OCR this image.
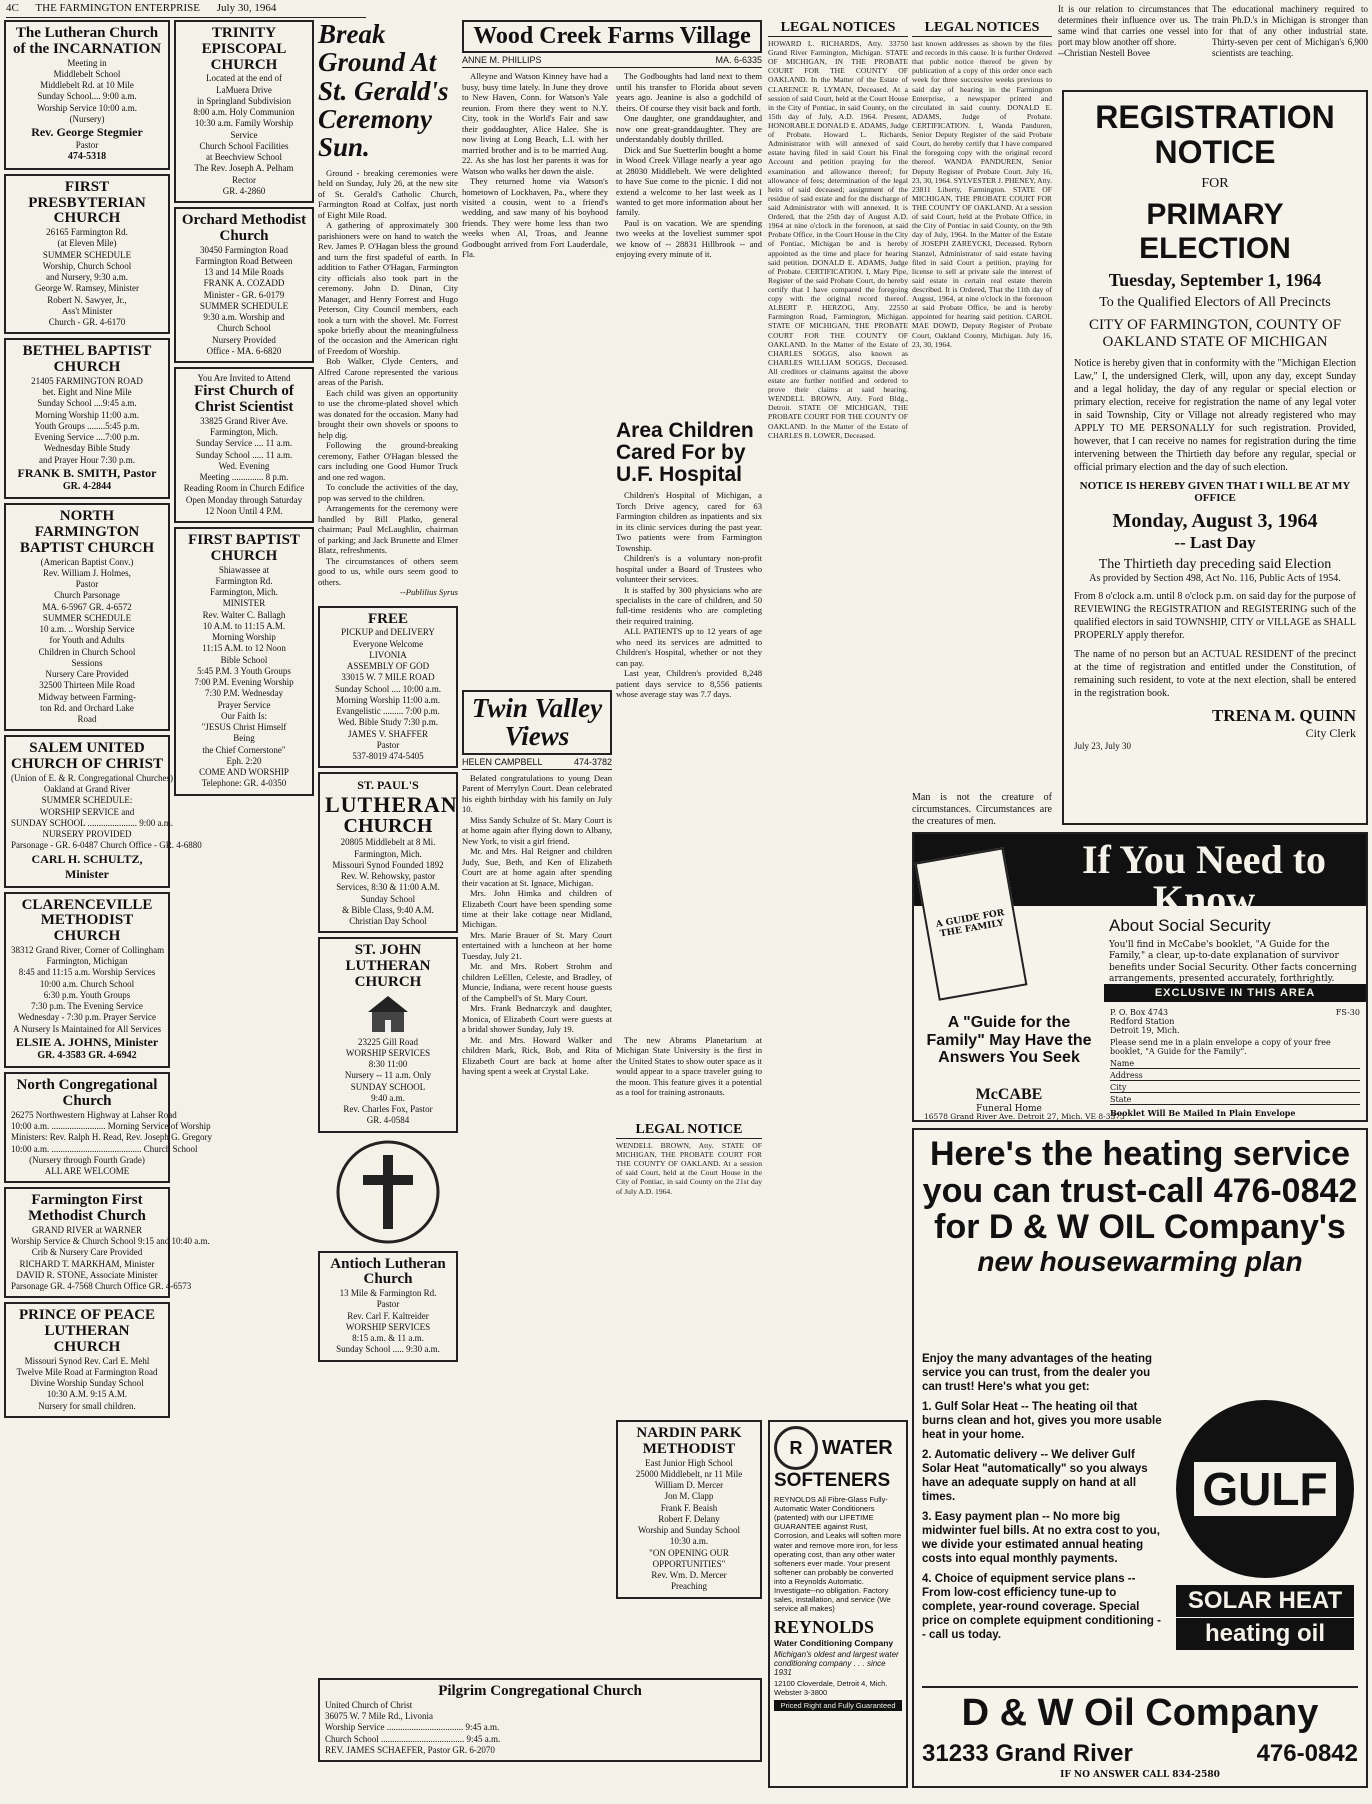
4C THE FARMINGTON ENTERPRISE July 30, 1964
The Lutheran Church of the INCARNATION
Meeting in
Middlebelt School
Middlebelt Rd. at 10 Mile
Sunday School.... 9:00 a.m.
Worship Service 10:00 a.m.
(Nursery)
Rev. George Stegmier
Pastor
474-5318
FIRST PRESBYTERIAN CHURCH
26165 Farmington Rd.
(at Eleven Mile)
SUMMER SCHEDULE
Worship, Church School
and Nursery, 9:30 a.m.
George W. Ramsey, Minister
Robert N. Sawyer, Jr.,
Ass't Minister
Church - GR. 4-6170
BETHEL BAPTIST CHURCH
21405 FARMINGTON ROAD
bet. Eight and Nine Mile
Sunday School ....9:45 a.m.
Morning Worship 11:00 a.m.
Youth Groups ........5:45 p.m.
Evening Service ....7:00 p.m.
Wednesday Bible Study
and Prayer Hour 7:30 p.m.
FRANK B. SMITH, Pastor
GR. 4-2844
NORTH FARMINGTON BAPTIST CHURCH
(American Baptist Conv.)
Rev. William J. Holmes,
Pastor
Church Parsonage
MA. 6-5967 GR. 4-6572
SUMMER SCHEDULE
10 a.m. .. Worship Service
for Youth and Adults
Children in Church School
Sessions
Nursery Care Provided
32500 Thirteen Mile Road
Midway between Farming-
ton Rd. and Orchard Lake
Road
SALEM UNITED CHURCH OF CHRIST
(Union of E. & R. Congregational Churches)
Oakland at Grand River
SUMMER SCHEDULE:
WORSHIP SERVICE and
SUNDAY SCHOOL ...................... 9:00 a.m.
NURSERY PROVIDED
Parsonage - GR. 6-0487 Church Office - GR. 4-6880
CARL H. SCHULTZ, Minister
CLARENCEVILLE METHODIST CHURCH
38312 Grand River, Corner of Collingham
Farmington, Michigan
8:45 and 11:15 a.m. Worship Services
10:00 a.m. Church School
6:30 p.m. Youth Groups
7:30 p.m. The Evening Service
Wednesday - 7:30 p.m. Prayer Service
A Nursery Is Maintained for All Services
ELSIE A. JOHNS, Minister
GR. 4-3583 GR. 4-6942
North Congregational Church
26275 Northwestern Highway at Lahser Road
10:00 a.m. ........................ Morning Service of Worship
Ministers: Rev. Ralph H. Read, Rev. Joseph G. Gregory
10:00 a.m. ........................................ Church School
(Nursery through Fourth Grade)
ALL ARE WELCOME
Farmington First Methodist Church
GRAND RIVER at WARNER
Worship Service & Church School 9:15 and 10:40 a.m.
Crib & Nursery Care Provided
RICHARD T. MARKHAM, Minister
DAVID R. STONE, Associate Minister
Parsonage GR. 4-7568 Church Office GR. 4-6573
PRINCE OF PEACE LUTHERAN CHURCH
Missouri Synod Rev. Carl E. Mehl
Twelve Mile Road at Farmington Road
Divine Worship Sunday School
10:30 A.M. 9:15 A.M.
Nursery for small children.
TRINITY EPISCOPAL CHURCH
Located at the end of
LaMuera Drive
in Springland Subdivision
8:00 a.m. Holy Communion
10:30 a.m. Family Worship
Service
Church School Facilities
at Beechview School
The Rev. Joseph A. Pelham
Rector
GR. 4-2860
Orchard Methodist Church
30450 Farmington Road
Farmington Road Between
13 and 14 Mile Roads
FRANK A. COZADD
Minister - GR. 6-0179
SUMMER SCHEDULE
9:30 a.m. Worship and
Church School
Nursery Provided
Office - MA. 6-6820
You Are Invited to Attend
First Church of Christ Scientist
33825 Grand River Ave.
Farmington, Mich.
Sunday Service .... 11 a.m.
Sunday School ..... 11 a.m.
Wed. Evening
Meeting .............. 8 p.m.
Reading Room in Church Edifice
Open Monday through Saturday
12 Noon Until 4 P.M.
FIRST BAPTIST CHURCH
Shiawassee at
Farmington Rd.
Farmington, Mich.
MINISTER
Rev. Walter C. Ballagh
10 A.M. to 11:15 A.M.
Morning Worship
11:15 A.M. to 12 Noon
Bible School
5:45 P.M. 3 Youth Groups
7:00 P.M. Evening Worship
7:30 P.M. Wednesday
Prayer Service
Our Faith Is:
"JESUS Christ Himself
Being
the Chief Cornerstone"
Eph. 2:20
COME AND WORSHIP
Telephone: GR. 4-0350
Break Ground At St. Gerald's Ceremony Sun.

Ground - breaking ceremonies were held on Sunday, July 26, at the new site of St. Gerald's Catholic Church, Farmington Road at Colfax, just north of Eight Mile Road.

A gathering of approximately 300 parishioners were on hand to watch the Rev. James P. O'Hagan bless the ground and turn the first spadeful of earth. In addition to Father O'Hagan, Farmington city officials also took part in the ceremony. John D. Dinan, City Manager, and Henry Forrest and Hugo Peterson, City Council members, each took a turn with the shovel. Mr. Forrest spoke briefly about the meaningfulness of the occasion and the American right of Freedom of Worship.

Bob Walker, Clyde Centers, and Alfred Carone represented the various areas of the Parish.

Each child was given an opportunity to use the chrome-plated shovel which was donated for the occasion. Many had brought their own shovels or spoons to help dig.

Following the ground-breaking ceremony, Father O'Hagan blessed the cars including one Good Humor Truck and one red wagon.

To conclude the activities of the day, pop was served to the children.

Arrangements for the ceremony were handled by Bill Platko, general chairman; Paul McLaughlin, chairman of parking; and Jack Brunette and Elmer Blatz, refreshments.

The circumstances of others seem good to us, while ours seem good to others.

--Publilius Syrus
FREE
PICKUP and DELIVERY
Everyone Welcome
LIVONIA
ASSEMBLY OF GOD
33015 W. 7 MILE ROAD
Sunday School .... 10:00 a.m.
Morning Worship 11:00 a.m.
Evangelistic ......... 7:00 p.m.
Wed. Bible Study 7:30 p.m.
JAMES V. SHAFFER
Pastor
537-8019 474-5405
ST. PAUL'S
LUTHERAN
CHURCH
20805 Middlebelt at 8 Mi.
Farmington, Mich.
Missouri Synod Founded 1892
Rev. W. Rehowsky, pastor
Services, 8:30 & 11:00 A.M.
Sunday School
& Bible Class, 9:40 A.M.
Christian Day School
ST. JOHN LUTHERAN CHURCH
23225 Gill Road
WORSHIP SERVICES
8:30 11:00
Nursery -- 11 a.m. Only
SUNDAY SCHOOL
9:40 a.m.
Rev. Charles Fox, Pastor
GR. 4-0584
Antioch Lutheran Church
13 Mile & Farmington Rd.
Pastor
Rev. Carl F. Kaltreider
WORSHIP SERVICES
8:15 a.m. & 11 a.m.
Sunday School ..... 9:30 a.m.
Wood Creek Farms Village
ANNE M. PHILLIPS	MA. 6-6335

Alleyne and Watson Kinney have had a busy, busy time lately. In June they drove to New Haven, Conn. for Watson's Yale reunion. From there they went to N.Y. City, took in the World's Fair and saw their goddaughter, Alice Halee. She is now living at Long Beach, L.I. with her married brother and is to be married Aug. 22. As she has lost her parents it was for Watson who walks her down the aisle.

They returned home via Watson's hometown of Lockhaven, Pa., where they visited a cousin, went to a friend's wedding, and saw many of his boyhood friends. They were home less than two weeks when Al, Troas, and Jeanne Godbought arrived from Fort Lauderdale, Fla.

The Godboughts had land next to them until his transfer to Florida about seven years ago. Jeanine is also a godchild of theirs. Of course they visit back and forth.

One daughter, one granddaughter, and now one great-granddaughter. They are understandably doubly thrilled.

Dick and Sue Suetterlin bought a home in Wood Creek Village nearly a year ago at 28030 Middlebelt. We were delighted to have Sue come to the picnic. I did not extend a welcome to her last week as I wanted to get more information about her family.

Paul is on vacation. We are spending two weeks at the loveliest summer spot we know of -- 28831 Hillbrook -- and enjoying every minute of it.

Twin Valley Views
HELEN CAMPBELL	474-3782

Belated congratulations to young Dean Parent of Merrylyn Court. Dean celebrated his eighth birthday with his family on July 10.

Miss Sandy Schulze of St. Mary Court is at home again after flying down to Albany, New York, to visit a girl friend.

Mr. and Mrs. Hal Reigner and children Judy, Sue, Beth, and Ken of Elizabeth Court are at home again after spending their vacation at St. Ignace, Michigan.

Mrs. John Himka and children of Elizabeth Court have been spending some time at their lake cottage near Midland, Michigan.

Mrs. Marie Brauer of St. Mary Court entertained with a luncheon at her home Tuesday, July 21.

Mr. and Mrs. Robert Strohm and children LeEllen, Celeste, and Bradley, of Muncie, Indiana, were recent house guests of the Campbell's of St. Mary Court.

Mrs. Frank Bednarczyk and daughter, Monica, of Elizabeth Court were guests at a bridal shower Sunday, July 19.

Mr. and Mrs. Howard Walker and children Mark, Rick, Bob, and Rita of Elizabeth Court are back at home after having spent a week at Crystal Lake.

Area Children Cared For by U.F. Hospital

Children's Hospital of Michigan, a Torch Drive agency, cared for 63 Farmington children as inpatients and six in its clinic services during the past year. Two patients were from Farmington Township.

Children's is a voluntary non-profit hospital under a Board of Trustees who volunteer their services.

It is staffed by 300 physicians who are specialists in the care of children, and 50 full-time residents who are completing their required training.

ALL PATIENTS up to 12 years of age who need its services are admitted to Children's Hospital, whether or not they can pay.

Last year, Children's provided 8,248 patient days service to 8,556 patients whose average stay was 7.7 days.

The new Abrams Planetarium at Michigan State University is the first in the United States to show outer space as it would appear to a space traveler going to the moon. This feature gives it a potential as a tool for training astronauts.

LEGAL NOTICE
WENDELL BROWN, Atty. STATE OF MICHIGAN, THE PROBATE COURT FOR THE COUNTY OF OAKLAND. At a session of said Court, held at the Court House in the City of Pontiac, in said County on the 21st day of July A.D. 1964.
NARDIN PARK METHODIST
East Junior High School
25000 Middlebelt, nr 11 Mile
William D. Mercer
Jon M. Clapp
Frank F. Beaish
Robert F. Delany
Worship and Sunday School
10:30 a.m.
"ON OPENING OUR
OPPORTUNITIES"
Rev. Wm. D. Mercer
Preaching
Pilgrim Congregational Church
United Church of Christ
36075 W. 7 Mile Rd., Livonia
Worship Service .................................. 9:45 a.m.
Church School ..................................... 9:45 a.m.
REV. JAMES SCHAEFER, Pastor GR. 6-2070
LEGAL NOTICES
HOWARD L. RICHARDS, Atty. 33750 Grand River Farmington, Michigan. STATE OF MICHIGAN, IN THE PROBATE COURT FOR THE COUNTY OF OAKLAND. In the Matter of the Estate of CLARENCE R. LYMAN, Deceased. At a session of said Court, held at the Court House in the City of Pontiac, in said County, on the 15th day of July, A.D. 1964. Present, HONORABLE DONALD E. ADAMS, Judge of Probate. Howard L. Richards, Administrator with will annexed of said estate having filed in said Court his Final Account and petition praying for the examination and allowance thereof; for allowance of fees; determination of the legal heirs of said deceased; assignment of the residue of said estate and for the discharge of said Administrator with will annexed. It is Ordered, that the 25th day of August A.D. 1964 at nine o'clock in the forenoon, at said Probate Office, in the Court House in the City of Pontiac, Michigan be and is hereby appointed as the time and place for hearing said petition. DONALD E. ADAMS, Judge of Probate. CERTIFICATION. I, Mary Pipe, Register of the said Probate Court, do hereby certify that I have compared the foregoing copy with the original record thereof. ALBERT P. HERZOG, Atty. 22550 Farmington Road, Farmington, Michigan. STATE OF MICHIGAN, THE PROBATE COURT FOR THE COUNTY OF OAKLAND. In the Matter of the Estate of CHARLES SOGGS, also known as CHARLES WILLIAM SOGGS, Deceased. All creditors or claimants against the above estate are further notified and ordered to prove their claims at said hearing. WENDELL BROWN, Atty. Ford Bldg., Detroit. STATE OF MICHIGAN, THE PROBATE COURT FOR THE COUNTY OF OAKLAND. In the Matter of the Estate of CHARLES B. LOWER, Deceased.
LEGAL NOTICES
last known addresses as shown by the files and records in this cause. It is further Ordered that public notice thereof be given by publication of a copy of this order once each week for three successive weeks previous to said day of hearing in the Farmington Enterprise, a newspaper printed and circulated in said county. DONALD E. ADAMS, Judge of Probate. CERTIFICATION. I, Wanda Panduren, Senior Deputy Register of the said Probate Court, do hereby certify that I have compared the foregoing copy with the original record thereof. WANDA PANDUREN, Senior Deputy Register of Probate Court. July 16, 23, 30, 1964. SYLVESTER J. PHENEY, Atty. 23811 Liberty, Farmington. STATE OF MICHIGAN, THE PROBATE COURT FOR THE COUNTY OF OAKLAND. At a session of said Court, held at the Probate Office, in the City of Pontiac in said County, on the 9th day of July, 1964. In the Matter of the Estate of JOSEPH ZAREYCKI, Deceased. Ryborn Stanzel, Administrator of said estate having filed in said Court a petition, praying for license to sell at private sale the interest of said estate in certain real estate therein described. It is Ordered, That the 11th day of August, 1964, at nine o'clock in the forenoon at said Probate Office, be and is hereby appointed for hearing said petition. CAROL MAE DOWD, Deputy Register of Probate Court, Oakland County, Michigan. July 16, 23, 30, 1964.
Man is not the creature of circumstances. Circumstances are the creatures of men.
It is our relation to circumstances that determines their influence over us. The same wind that carries one vessel into port may blow another off shore.
--Christian Nestell Bovee
The educational machinery required to train Ph.D.'s in Michigan is stronger than for that of any other industrial state. Thirty-seven per cent of Michigan's 6,900 scientists are teaching.
REGISTRATION
NOTICE
FOR
PRIMARY ELECTION
Tuesday, September 1, 1964
To the Qualified Electors of All Precincts
CITY OF FARMINGTON, COUNTY OF OAKLAND STATE OF MICHIGAN
Notice is hereby given that in conformity with the "Michigan Election Law," I, the undersigned Clerk, will, upon any day, except Sunday and a legal holiday, the day of any regular or special election or primary election, receive for registration the name of any legal voter in said Township, City or Village not already registered who may APPLY TO ME PERSONALLY for such registration. Provided, however, that I can receive no names for registration during the time intervening between the Thirtieth day before any regular, special or official primary election and the day of such election.
NOTICE IS HEREBY GIVEN THAT I WILL BE AT MY OFFICE
Monday, August 3, 1964
-- Last Day
The Thirtieth day preceding said Election
As provided by Section 498, Act No. 116, Public Acts of 1954.
From 8 o'clock a.m. until 8 o'clock p.m. on said day for the purpose of REVIEWING the REGISTRATION and REGISTERING such of the qualified electors in said TOWNSHIP, CITY or VILLAGE as SHALL PROPERLY apply therefor.
The name of no person but an ACTUAL RESIDENT of the precinct at the time of registration and entitled under the Constitution, of remaining such resident, to vote at the next election, shall be entered in the registration book.
TRENA M. QUINN
City Clerk
July 23, July 30
If You Need to Know
A GUIDE FOR THE FAMILY	About Social Security
You'll find in McCabe's booklet, "A Guide for the Family," a clear, up-to-date explanation of survivor benefits under Social Security. Other facts concerning arrangements, presented accurately, forthrightly.
A "Guide for the Family" May Have the Answers You Seek
McCABE
Funeral Home
16578 Grand River Ave. Detroit 27, Mich. VE 8-3373
EXCLUSIVE IN THIS AREA
P. O. Box 4743
Redford Station
Detroit 19, Mich.
FS-30
Please send me in a plain envelope a copy of your free booklet, "A Guide for the Family".
Name
Address
City
State
Booklet Will Be Mailed In Plain Envelope
R WATER
SOFTENERS
REYNOLDS All Fibre-Glass Fully-Automatic Water Conditioners (patented) with our LIFETIME GUARANTEE against Rust, Corrosion, and Leaks will soften more water and remove more iron, for less operating cost, than any other water softeners ever made. Your present softener can probably be converted into a Reynolds Automatic. Investigate--no obligation. Factory sales, installation, and service (We service all makes)
REYNOLDS
Water Conditioning Company
Michigan's oldest and largest water conditioning company . . . since 1931
12100 Cloverdale, Detroit 4, Mich. Webster 3-3800
Priced Right and Fully Guaranteed
Here's the heating service
you can trust-call 476-0842
for D & W OIL Company's
new housewarming plan
Enjoy the many advantages of the heating service you can trust, from the dealer you can trust! Here's what you get:
1. Gulf Solar Heat -- The heating oil that burns clean and hot, gives you more usable heat in your home.
2. Automatic delivery -- We deliver Gulf Solar Heat "automatically" so you always have an adequate supply on hand at all times.
3. Easy payment plan -- No more big midwinter fuel bills. At no extra cost to you, we divide your estimated annual heating costs into equal monthly payments.
4. Choice of equipment service plans -- From low-cost efficiency tune-up to complete, year-round coverage. Special price on complete equipment conditioning -- call us today.
GULF
SOLAR HEAT
heating oil
D & W Oil Company
31233 Grand River	476-0842
IF NO ANSWER CALL 834-2580
